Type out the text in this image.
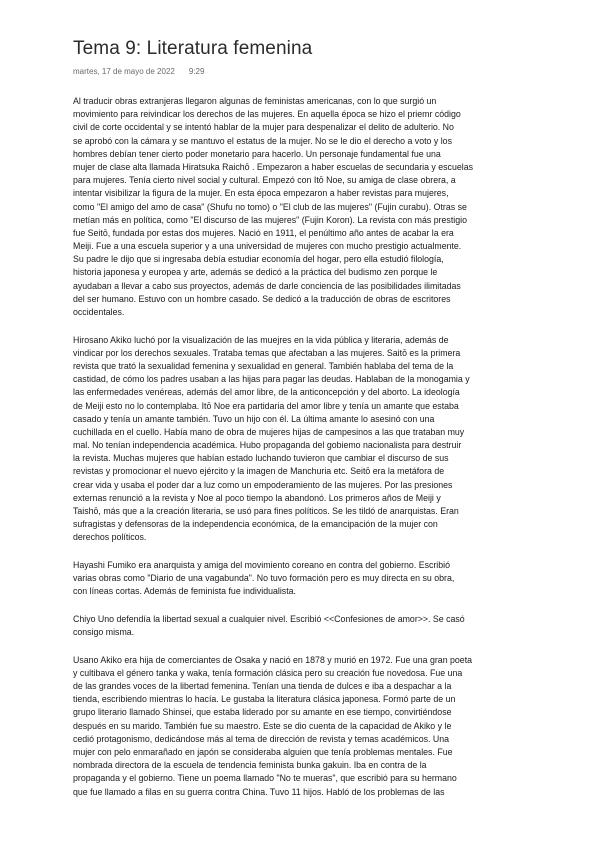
Tema 9: Literatura femenina
martes, 17 de mayo de 2022 9:29
Al traducir obras extranjeras llegaron algunas de feministas americanas, con lo que surgió un
movimiento para reivindicar los derechos de las mujeres. En aquella época se hizo el priemr código
civil de corte occidental y se intentó hablar de la mujer para despenalizar el delito de adulterio. No
se aprobó con la cámara y se mantuvo el estatus de la mujer. No se le dio el derecho a voto y los
hombres debían tener cierto poder monetario para hacerlo. Un personaje fundamental fue una
mujer de clase alta llamada Hiratsuka Raichō . Empezaron a haber escuelas de secundaria y escuelas
para mujeres. Tenía cierto nivel social y cultural. Empezó con Itō Noe, su amiga de clase obrera, a
intentar visibilizar la figura de la mujer. En esta época empezaron a haber revistas para mujeres,
como "El amigo del amo de casa" (Shufu no tomo) o "El club de las mujeres" (Fujin curabu). Otras se
metían más en política, como "El discurso de las mujeres" (Fujin Koron). La revista con más prestigio
fue Seitō, fundada por estas dos mujeres. Nació en 1911, el penúltimo año antes de acabar la era
Meiji. Fue a una escuela superior y a una universidad de mujeres con mucho prestigio actualmente.
Su padre le dijo que si ingresaba debía estudiar economía del hogar, pero ella estudió filología,
historia japonesa y europea y arte, además se dedicó a la práctica del budismo zen porque le
ayudaban a llevar a cabo sus proyectos, además de darle conciencia de las posibilidades ilimitadas
del ser humano. Estuvo con un hombre casado. Se dedicó a la traducción de obras de escritores
occidentales.
Hirosano Akiko luchó por la visualización de las muejres en la vida pública y literaria, además de
vindicar por los derechos sexuales. Trataba temas que afectaban a las mujeres. Saitō es la primera
revista que trató la sexualidad femenina y sexualidad en general. También hablaba del tema de la
castidad, de cómo los padres usaban a las hijas para pagar las deudas. Hablaban de la monogamia y
las enfermedades venéreas, además del amor libre, de la anticoncepción y del aborto. La ideología
de Meiji esto no lo contemplaba. Itō Noe era partidaria del amor libre y tenía un amante que estaba
casado y tenía un amante también. Tuvo un hijo con él. La última amante lo asesinó con una
cuchillada en el cuello. Había mano de obra de mujeres hijas de campesinos a las que trataban muy
mal. No tenían independencia académica. Hubo propaganda del gobiemo nacionalista para destruir
la revista. Muchas mujeres que habían estado luchando tuvieron que cambiar el discurso de sus
revistas y promocionar el nuevo ejército y la imagen de Manchuria etc. Seitō era la metáfora de
crear vida y usaba el poder dar a luz como un empoderamiento de las mujeres. Por las presiones
externas renunció a la revista y Noe al poco tiempo la abandonó. Los primeros años de Meiji y
Taishō, más que a la creación literaria, se usó para fines políticos. Se les tildó de anarquistas. Eran
sufragistas y defensoras de la independencia económica, de la emancipación de la mujer con
derechos políticos.
Hayashi Fumiko era anarquista y amiga del movimiento coreano en contra del gobierno. Escribió
varias obras como "Diario de una vagabunda". No tuvo formación pero es muy directa en su obra,
con líneas cortas. Además de feminista fue individualista.
Chiyo Uno defendía la libertad sexual a cualquier nivel. Escribió <<Confesiones de amor>>. Se casó
consigo misma.
Usano Akiko era hija de comerciantes de Osaka y nació en 1878 y murió en 1972. Fue una gran poeta
y cultibava el género tanka y waka, tenía formación clásica pero su creación fue novedosa. Fue una
de las grandes voces de la libertad femenina. Tenían una tienda de dulces e iba a despachar a la
tienda, escribiendo mientras lo hacía. Le gustaba la literatura clásica japonesa. Formó parte de un
grupo literario llamado Shinsei, que estaba liderado por su amante en ese tiempo, convirtiéndose
después en su marido. También fue su maestro. Este se dio cuenta de la capacidad de Akiko y le
cedió protagonismo, dedicándose más al tema de dirección de revista y temas académicos. Una
mujer con pelo enmarañado en japón se consideraba alguien que tenía problemas mentales. Fue
nombrada directora de la escuela de tendencia feminista bunka gakuin. Iba en contra de la
propaganda y el gobierno. Tiene un poema llamado "No te mueras", que escribió para su hermano
que fue llamado a filas en su guerra contra China. Tuvo 11 hijos. Habló de los problemas de las
